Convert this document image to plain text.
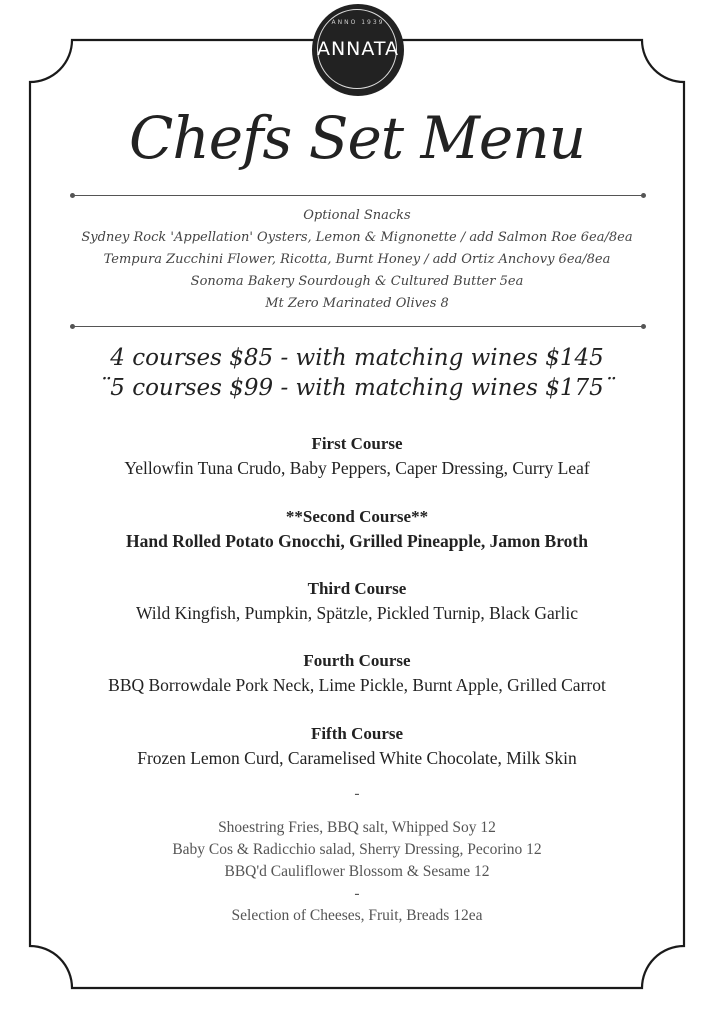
ANNO 1939
ANNATA
Chefs Set Menu
Optional Snacks
Sydney Rock 'Appellation' Oysters, Lemon & Mignonette / add Salmon Roe 6ea/8ea
Tempura Zucchini Flower, Ricotta, Burnt Honey / add Ortiz Anchovy 6ea/8ea
Sonoma Bakery Sourdough & Cultured Butter 5ea
Mt Zero Marinated Olives 8
4 courses $85 - with matching wines $145
¨5 courses $99 - with matching wines $175¨
First Course
Yellowfin Tuna Crudo, Baby Peppers, Caper Dressing, Curry Leaf
**Second Course**
Hand Rolled Potato Gnocchi, Grilled Pineapple, Jamon Broth
Third Course
Wild Kingfish, Pumpkin, Spätzle, Pickled Turnip, Black Garlic
Fourth Course
BBQ Borrowdale Pork Neck, Lime Pickle, Burnt Apple, Grilled Carrot
Fifth Course
Frozen Lemon Curd, Caramelised White Chocolate, Milk Skin
-
Shoestring Fries, BBQ salt, Whipped Soy 12
Baby Cos & Radicchio salad, Sherry Dressing, Pecorino 12
BBQ'd Cauliflower Blossom & Sesame 12
-
Selection of Cheeses, Fruit, Breads 12ea
